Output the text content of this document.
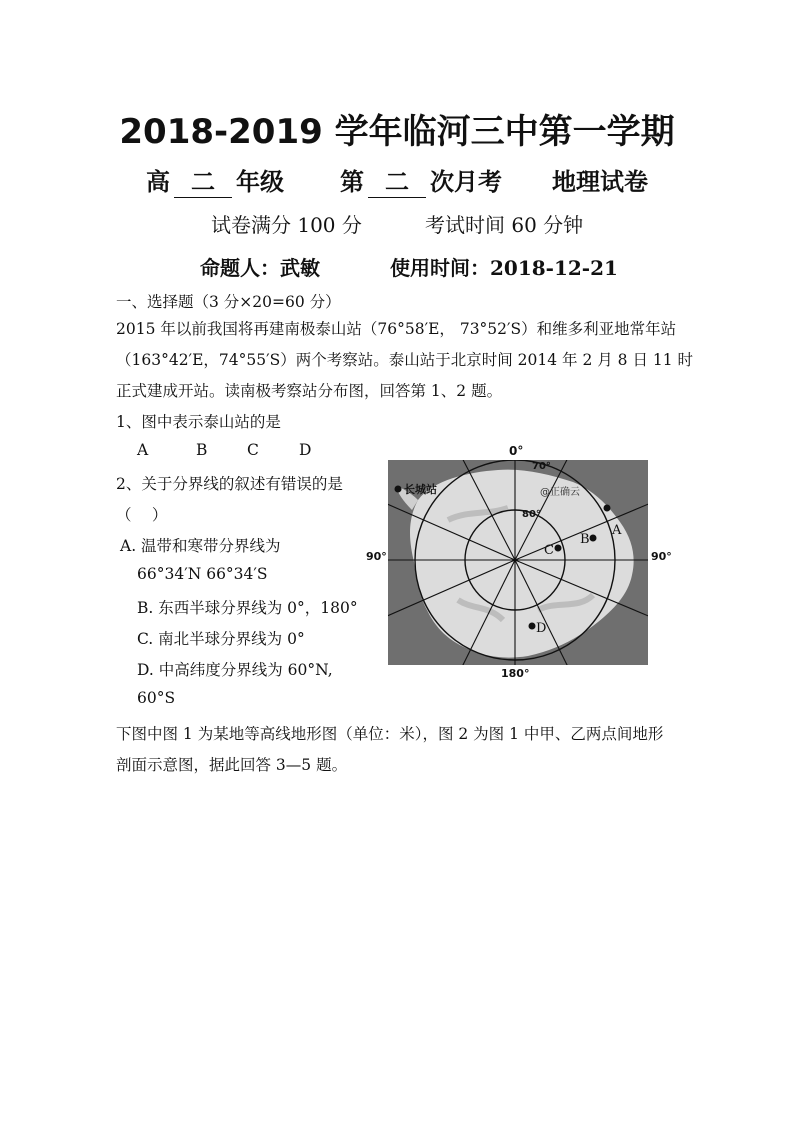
2018-2019 学年临河三中第一学期
高 二 年级 第 二 次月考 地理试卷
试卷满分 100 分	考试时间 60 分钟
命题人：武敏	使用时间：2018-12-21
一、选择题（3 分×20=60 分）
2015 年以前我国将再建南极泰山站（76°58′E， 73°52′S）和维多利亚地常年站
（163°42′E，74°55′S）两个考察站。泰山站于北京时间 2014 年 2 月 8 日 11 时
正式建成开站。读南极考察站分布图，回答第 1、2 题。
1、图中表示泰山站的是
A	B	C	D
2、关于分界线的叙述有错误的是
（　 ）
A. 温带和寒带分界线为
66°34′N 66°34′S
B. 东西半球分界线为 0°，180°
C. 南北半球分界线为 0°
D. 中高纬度分界线为 60°N,
60°S
下图中图 1 为某地等高线地形图（单位：米），图 2 为图 1 中甲、乙两点间地形
剖面示意图，据此回答 3—5 题。
0°
90°	90°
180°
长城站
70°
80°
@正确云
A
B
C
D
